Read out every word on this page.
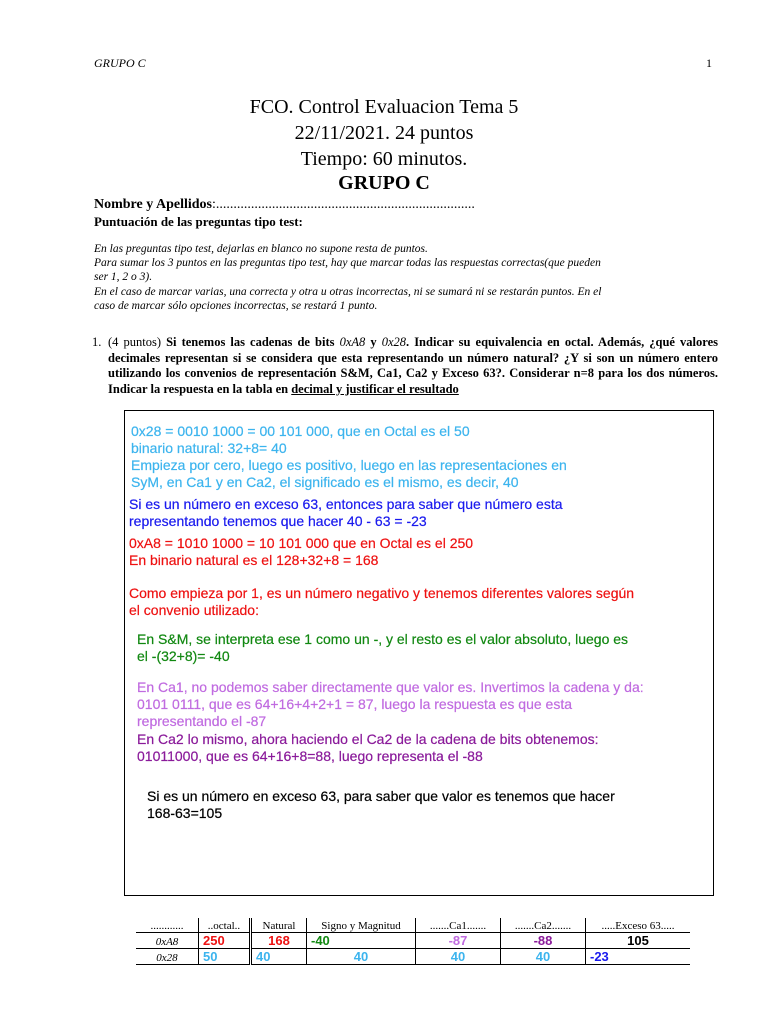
GRUPO C	1
FCO. Control Evaluacion Tema 5
22/11/2021. 24 puntos
Tiempo: 60 minutos.
GRUPO C
Nombre y Apellidos:..........................................................................
Puntuación de las preguntas tipo test:
En las preguntas tipo test, dejarlas en blanco no supone resta de puntos.
Para sumar los 3 puntos en las preguntas tipo test, hay que marcar todas las respuestas correctas(que pueden
ser 1, 2 o 3).
En el caso de marcar varias, una correcta y otra u otras incorrectas, ni se sumará ni se restarán puntos. En el
caso de marcar sólo opciones incorrectas, se restará 1 punto.
1. (4 puntos) Si tenemos las cadenas de bits 0xA8 y 0x28. Indicar su equivalencia en octal. Además, ¿qué valores decimales representan si se considera que esta representando un número natural? ¿Y si son un número entero utilizando los convenios de representación S&M, Ca1, Ca2 y Exceso 63?. Considerar n=8 para los dos números. Indicar la respuesta en la tabla en decimal y justificar el resultado
0x28 = 0010 1000 = 00 101 000, que en Octal es el 50
binario natural: 32+8= 40
Empieza por cero, luego es positivo, luego en las representaciones en
SyM, en Ca1 y en Ca2, el significado es el mismo, es decir, 40
Si es un número en exceso 63, entonces para saber que número esta
representando tenemos que hacer 40 - 63 = -23
0xA8 = 1010 1000 = 10 101 000 que en Octal es el 250
En binario natural es el 128+32+8 = 168
Como empieza por 1, es un número negativo y tenemos diferentes valores según
el convenio utilizado:
En S&M, se interpreta ese 1 como un -, y el resto es el valor absoluto, luego es
el -(32+8)= -40
En Ca1, no podemos saber directamente que valor es. Invertimos la cadena y da:
0101 0111, que es 64+16+4+2+1 = 87, luego la respuesta es que esta
representando el -87
En Ca2 lo mismo, ahora haciendo el Ca2 de la cadena de bits obtenemos:
01011000, que es 64+16+8=88, luego representa el -88
Si es un número en exceso 63, para saber que valor es tenemos que hacer
168-63=105
............	..octal..	Natural	Signo y Magnitud	.......Ca1.......	.......Ca2.......	.....Exceso 63.....
0xA8	250	168	-40	-87	-88	105
0x28	50	40	40	40	40	-23
